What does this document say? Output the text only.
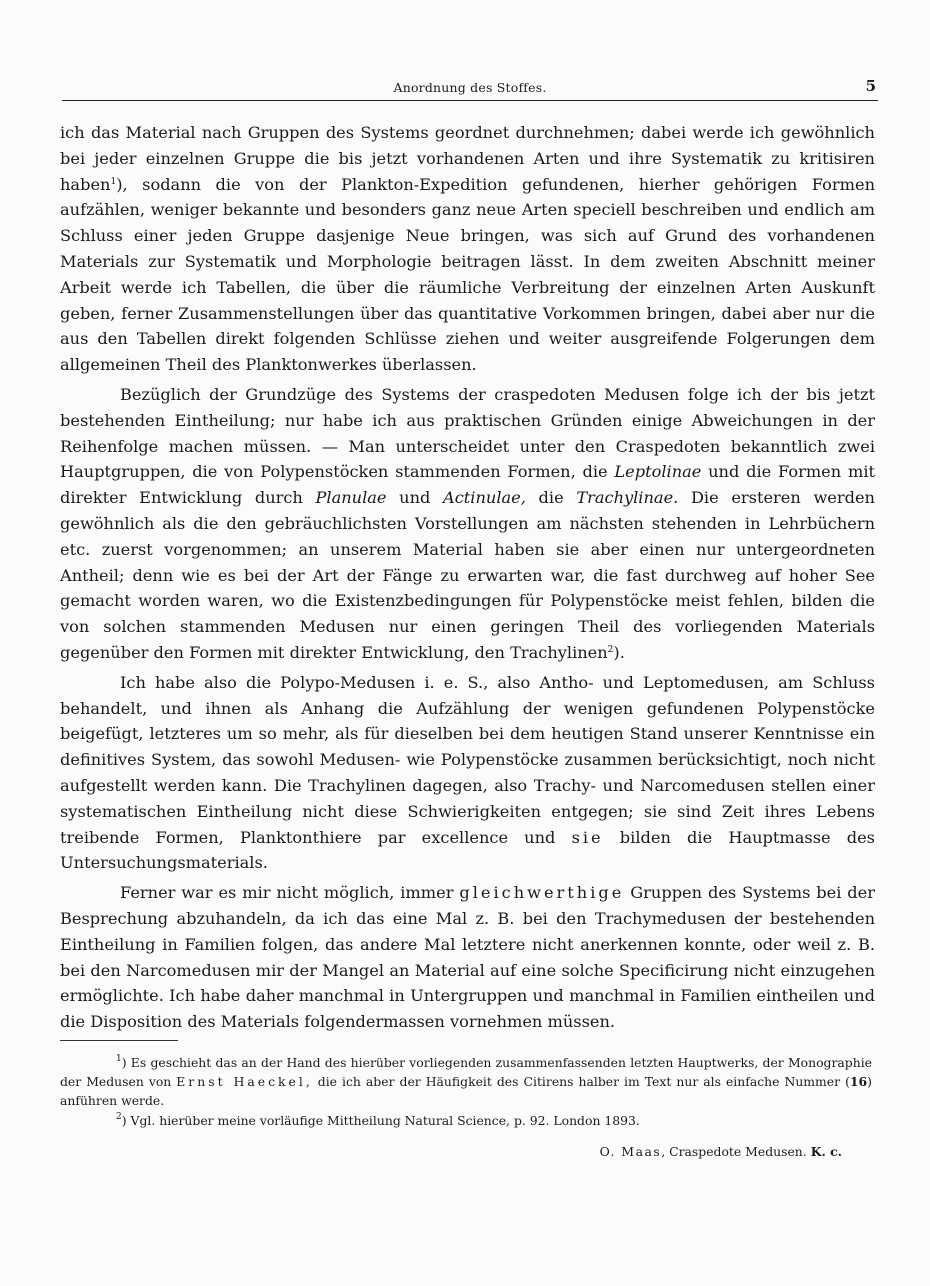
Anordnung des Stoffes.	5

ich das Material nach Gruppen des Systems geordnet durchnehmen; dabei werde ich gewöhnlich bei jeder einzelnen Gruppe die bis jetzt vorhandenen Arten und ihre Systematik zu kritisiren haben$^1$), sodann die von der Plankton-Expedition gefundenen, hierher gehörigen Formen aufzählen, weniger bekannte und besonders ganz neue Arten speciell beschreiben und endlich am Schluss einer jeden Gruppe dasjenige Neue bringen, was sich auf Grund des vorhandenen Materials zur Systematik und Morphologie beitragen lässt. In dem zweiten Abschnitt meiner Arbeit werde ich Tabellen, die über die räumliche Verbreitung der einzelnen Arten Auskunft geben, ferner Zusammenstellungen über das quantitative Vorkommen bringen, dabei aber nur die aus den Tabellen direkt folgenden Schlüsse ziehen und weiter ausgreifende Folgerungen dem allgemeinen Theil des Planktonwerkes überlassen.

Bezüglich der Grundzüge des Systems der craspedoten Medusen folge ich der bis jetzt bestehenden Eintheilung; nur habe ich aus praktischen Gründen einige Abweichungen in der Reihenfolge machen müssen. — Man unterscheidet unter den Craspedoten bekanntlich zwei Hauptgruppen, die von Polypenstöcken stammenden Formen, die Leptolinae und die Formen mit direkter Entwicklung durch Planulae und Actinulae, die Trachylinae. Die ersteren werden gewöhnlich als die den gebräuchlichsten Vorstellungen am nächsten stehenden in Lehrbüchern etc. zuerst vorgenommen; an unserem Material haben sie aber einen nur untergeordneten Antheil; denn wie es bei der Art der Fänge zu erwarten war, die fast durchweg auf hoher See gemacht worden waren, wo die Existenzbedingungen für Polypenstöcke meist fehlen, bilden die von solchen stammenden Medusen nur einen geringen Theil des vorliegenden Materials gegenüber den Formen mit direkter Entwicklung, den Trachylinen$^2$).

Ich habe also die Polypo-Medusen i. e. S., also Antho- und Leptomedusen, am Schluss behandelt, und ihnen als Anhang die Aufzählung der wenigen gefundenen Polypenstöcke beigefügt, letzteres um so mehr, als für dieselben bei dem heutigen Stand unserer Kenntnisse ein definitives System, das sowohl Medusen- wie Polypenstöcke zusammen berücksichtigt, noch nicht aufgestellt werden kann. Die Trachylinen dagegen, also Trachy- und Narcomedusen stellen einer systematischen Eintheilung nicht diese Schwierigkeiten entgegen; sie sind Zeit ihres Lebens treibende Formen, Planktonthiere par excellence und sie bilden die Hauptmasse des Untersuchungsmaterials.

Ferner war es mir nicht möglich, immer gleichwerthige Gruppen des Systems bei der Besprechung abzuhandeln, da ich das eine Mal z. B. bei den Trachymedusen der bestehenden Eintheilung in Familien folgen, das andere Mal letztere nicht anerkennen konnte, oder weil z. B. bei den Narcomedusen mir der Mangel an Material auf eine solche Specificirung nicht einzugehen ermöglichte. Ich habe daher manchmal in Untergruppen und manchmal in Familien eintheilen und die Disposition des Materials folgendermassen vornehmen müssen.

$^1$) Es geschieht das an der Hand des hierüber vorliegenden zusammenfassenden letzten Hauptwerks, der Monographie der Medusen von Ernst Haeckel, die ich aber der Häufigkeit des Citirens halber im Text nur als einfache Nummer (16) anführen werde.

$^2$) Vgl. hierüber meine vorläufige Mittheilung Natural Science, p. 92. London 1893.

O. Maas, Craspedote Medusen. K. c.
